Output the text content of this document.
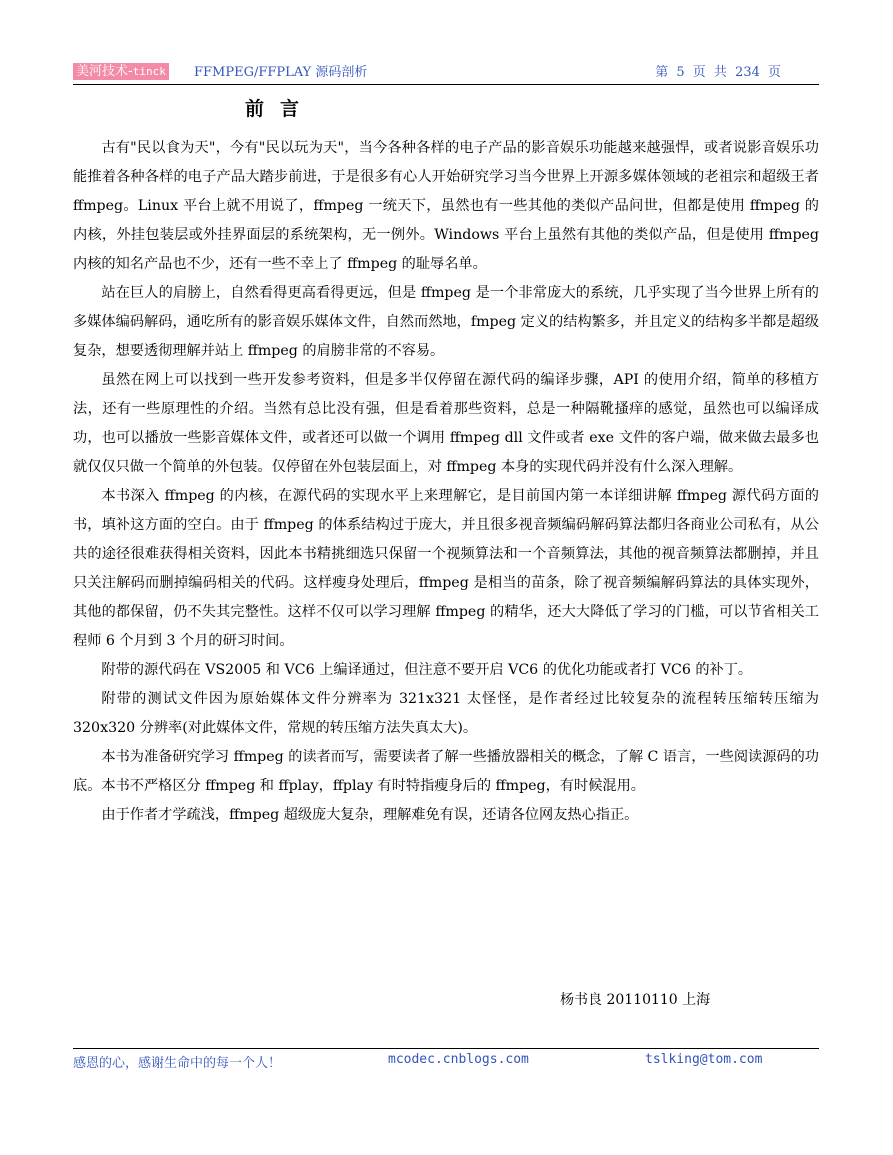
美河技术-tinck FFMPEG/FFPLAY 源码剖析	第 5 页 共 234 页
前言

古有"民以食为天"，今有"民以玩为天"，当今各种各样的电子产品的影音娱乐功能越来越强悍，或者说影音娱乐功能推着各种各样的电子产品大踏步前进，于是很多有心人开始研究学习当今世界上开源多媒体领域的老祖宗和超级王者 ffmpeg。Linux 平台上就不用说了，ffmpeg 一统天下，虽然也有一些其他的类似产品问世，但都是使用 ffmpeg 的内核，外挂包装层或外挂界面层的系统架构，无一例外。Windows 平台上虽然有其他的类似产品，但是使用 ffmpeg 内核的知名产品也不少，还有一些不幸上了 ffmpeg 的耻辱名单。

站在巨人的肩膀上，自然看得更高看得更远，但是 ffmpeg 是一个非常庞大的系统，几乎实现了当今世界上所有的多媒体编码解码，通吃所有的影音娱乐媒体文件，自然而然地，fmpeg 定义的结构繁多，并且定义的结构多半都是超级复杂，想要透彻理解并站上 ffmpeg 的肩膀非常的不容易。

虽然在网上可以找到一些开发参考资料，但是多半仅停留在源代码的编译步骤，API 的使用介绍，简单的移植方法，还有一些原理性的介绍。当然有总比没有强，但是看着那些资料，总是一种隔靴搔痒的感觉，虽然也可以编译成功，也可以播放一些影音媒体文件，或者还可以做一个调用 ffmpeg dll 文件或者 exe 文件的客户端，做来做去最多也就仅仅只做一个简单的外包装。仅停留在外包装层面上，对 ffmpeg 本身的实现代码并没有什么深入理解。

本书深入 ffmpeg 的内核，在源代码的实现水平上来理解它，是目前国内第一本详细讲解 ffmpeg 源代码方面的书，填补这方面的空白。由于 ffmpeg 的体系结构过于庞大，并且很多视音频编码解码算法都归各商业公司私有，从公共的途径很难获得相关资料，因此本书精挑细选只保留一个视频算法和一个音频算法，其他的视音频算法都删掉，并且只关注解码而删掉编码相关的代码。这样瘦身处理后，ffmpeg 是相当的苗条，除了视音频编解码算法的具体实现外，其他的都保留，仍不失其完整性。这样不仅可以学习理解 ffmpeg 的精华，还大大降低了学习的门槛，可以节省相关工程师 6 个月到 3 个月的研习时间。

附带的源代码在 VS2005 和 VC6 上编译通过，但注意不要开启 VC6 的优化功能或者打 VC6 的补丁。

附带的测试文件因为原始媒体文件分辨率为 321x321 太怪怪，是作者经过比较复杂的流程转压缩转压缩为 320x320 分辨率(对此媒体文件，常规的转压缩方法失真太大)。

本书为准备研究学习 ffmpeg 的读者而写，需要读者了解一些播放器相关的概念，了解 C 语言，一些阅读源码的功底。本书不严格区分 ffmpeg 和 ffplay，ffplay 有时特指瘦身后的 ffmpeg，有时候混用。

由于作者才学疏浅，ffmpeg 超级庞大复杂，理解难免有误，还请各位网友热心指正。

杨书良 20110110 上海
感恩的心，感谢生命中的每一个人！	mcodec.cnblogs.com	tslking@tom.com
